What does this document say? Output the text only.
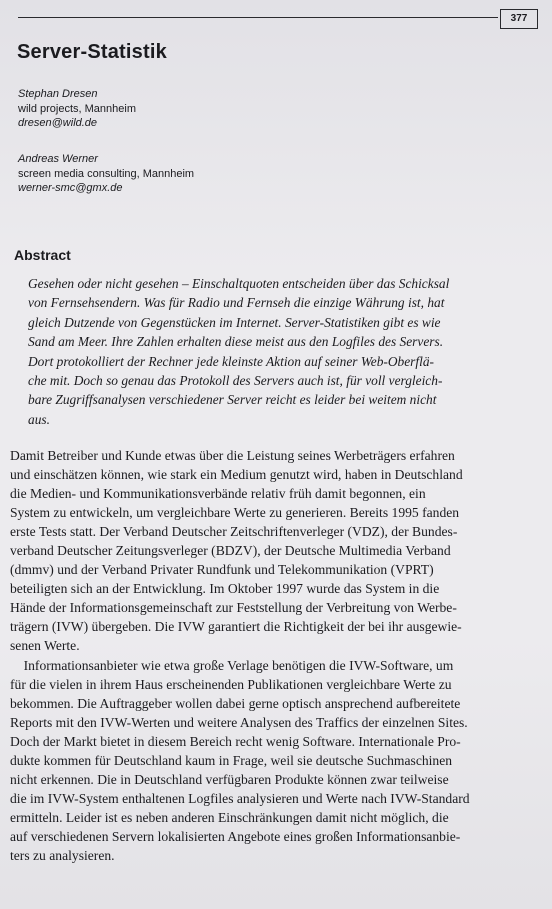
377
Server-Statistik
Stephan Dresen
wild projects, Mannheim
dresen@wild.de
Andreas Werner
screen media consulting, Mannheim
werner-smc@gmx.de
Abstract
Gesehen oder nicht gesehen – Einschaltquoten entscheiden über das Schicksal
von Fernsehsendern. Was für Radio und Fernseh die einzige Währung ist, hat
gleich Dutzende von Gegenstücken im Internet. Server-Statistiken gibt es wie
Sand am Meer. Ihre Zahlen erhalten diese meist aus den Logfiles des Servers.
Dort protokolliert der Rechner jede kleinste Aktion auf seiner Web-Oberflä-
che mit. Doch so genau das Protokoll des Servers auch ist, für voll vergleich-
bare Zugriffsanalysen verschiedener Server reicht es leider bei weitem nicht
aus.
Damit Betreiber und Kunde etwas über die Leistung seines Werbeträgers erfahren
und einschätzen können, wie stark ein Medium genutzt wird, haben in Deutschland
die Medien- und Kommunikationsverbände relativ früh damit begonnen, ein
System zu entwickeln, um vergleichbare Werte zu generieren. Bereits 1995 fanden
erste Tests statt. Der Verband Deutscher Zeitschriftenverleger (VDZ), der Bundes-
verband Deutscher Zeitungsverleger (BDZV), der Deutsche Multimedia Verband
(dmmv) und der Verband Privater Rundfunk und Telekommunikation (VPRT)
beteiligten sich an der Entwicklung. Im Oktober 1997 wurde das System in die
Hände der Informationsgemeinschaft zur Feststellung der Verbreitung von Werbe-
trägern (IVW) übergeben. Die IVW garantiert die Richtigkeit der bei ihr ausgewie-
senen Werte.
Informationsanbieter wie etwa große Verlage benötigen die IVW-Software, um
für die vielen in ihrem Haus erscheinenden Publikationen vergleichbare Werte zu
bekommen. Die Auftraggeber wollen dabei gerne optisch ansprechend aufbereitete
Reports mit den IVW-Werten und weitere Analysen des Traffics der einzelnen Sites.
Doch der Markt bietet in diesem Bereich recht wenig Software. Internationale Pro-
dukte kommen für Deutschland kaum in Frage, weil sie deutsche Suchmaschinen
nicht erkennen. Die in Deutschland verfügbaren Produkte können zwar teilweise
die im IVW-System enthaltenen Logfiles analysieren und Werte nach IVW-Standard
ermitteln. Leider ist es neben anderen Einschränkungen damit nicht möglich, die
auf verschiedenen Servern lokalisierten Angebote eines großen Informationsanbie-
ters zu analysieren.
